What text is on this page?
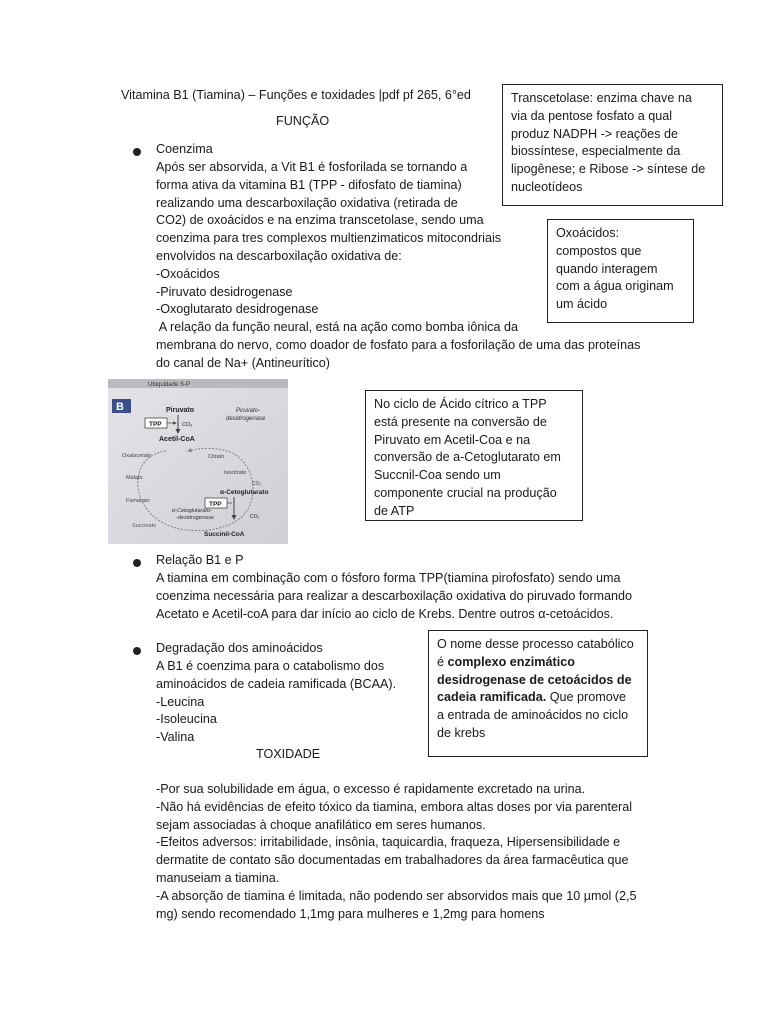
Vitamina B1 (Tiamina) – Funções e toxidades |pdf pf 265, 6°ed
FUNÇÃO
Coenzima
Após ser absorvida, a Vit B1 é fosforilada se tornando a
forma ativa da vitamina B1 (TPP - difosfato de tiamina)
realizando uma descarboxilação oxidativa (retirada de
CO2) de oxoácidos e na enzima transcetolase, sendo uma
coenzima para tres complexos multienzimaticos mitocondriais
envolvidos na descarboxilação oxidativa de:
-Oxoácidos
-Piruvato desidrogenase
-Oxoglutarato desidrogenase
A relação da função neural, está na ação como bomba iônica da
membrana do nervo, como doador de fosfato para a fosforilação de uma das proteínas
do canal de Na+ (Antineurítico)
Transcetolase: enzima chave na
via da pentose fosfato a qual
produz NADPH -> reações de
biossíntese, especialmente da
lipogênese; e Ribose -> síntese de
nucleotídeos
Oxoácidos:
compostos que
quando interagem
com a água originam
um ácido
Ubiquidade S-P
B	Piruvato	Piruvato-
desidrogenase
TPP	CO₂
Acetil-CoA
Oxalacetato	Citrato
Isocitrato
CO₂
Malato
Fumarato
Succinato
α-Cetoglutarato
TPP
α-Cetoglutarato-
-desidrogenase	CO₂
Succinil-CoA
No ciclo de Ácido cítrico a TPP
está presente na conversão de
Piruvato em Acetil-Coa e na
conversão de a-Cetoglutarato em
Succnil-Coa sendo um
componente crucial na produção
de ATP
Relação B1 e P
A tiamina em combinação com o fósforo forma TPP(tiamina pirofosfato) sendo uma
coenzima necessária para realizar a descarboxilação oxidativa do piruvado formando
Acetato e Acetil-coA para dar início ao ciclo de Krebs. Dentre outros α-cetoácidos.
Degradação dos aminoácidos
A B1 é coenzima para o catabolismo dos
aminoácidos de cadeia ramificada (BCAA).
-Leucina
-Isoleucina
-Valina
O nome desse processo catabólico
é complexo enzimático
desidrogenase de cetoácidos de
cadeia ramificada. Que promove
a entrada de aminoácidos no ciclo
de krebs
TOXIDADE
-Por sua solubilidade em água, o excesso é rapidamente excretado na urina.
-Não há evidências de efeito tóxico da tiamina, embora altas doses por via parenteral
sejam associadas à choque anafilático em seres humanos.
-Efeitos adversos: irritabilidade, insônia, taquicardia, fraqueza, Hipersensibilidade e
dermatite de contato são documentadas em trabalhadores da área farmacêutica que
manuseiam a tiamina.
-A absorção de tiamina é limitada, não podendo ser absorvidos mais que 10 µmol (2,5
mg) sendo recomendado 1,1mg para mulheres e 1,2mg para homens
